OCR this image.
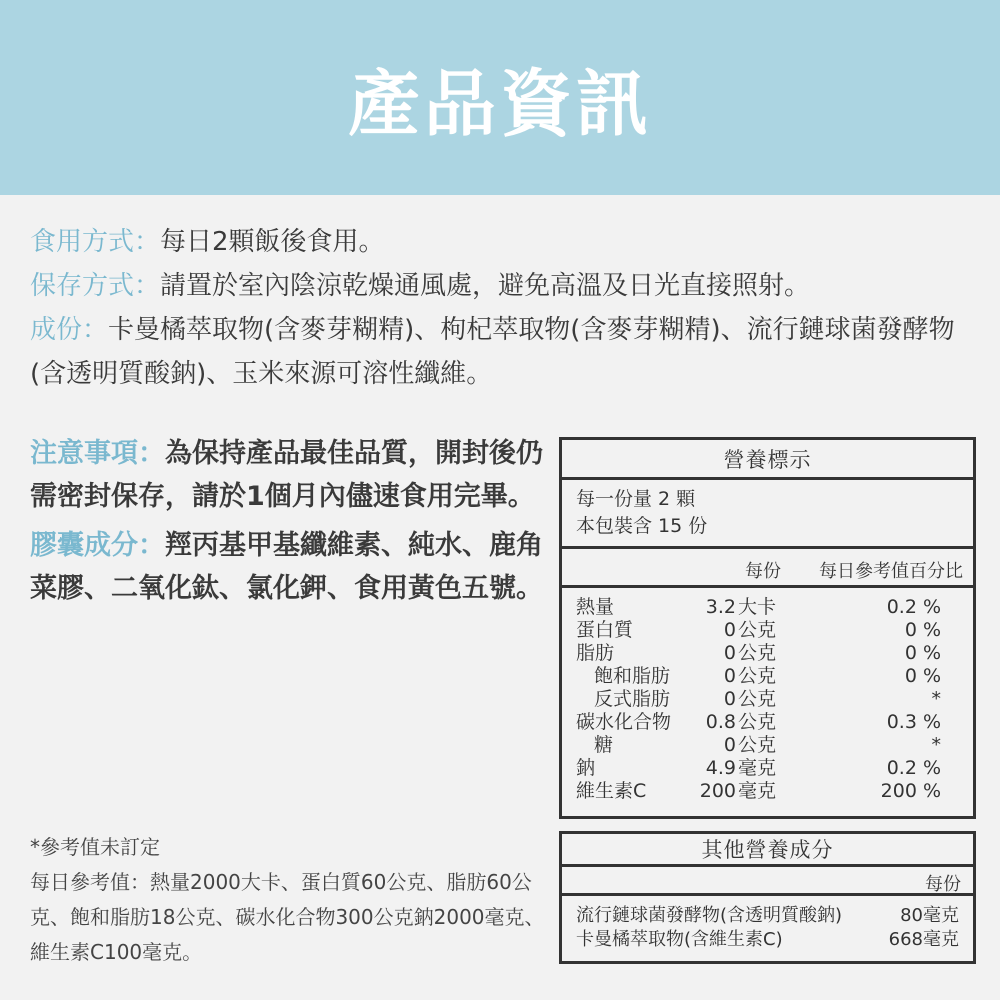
產品資訊
食用方式：每日2顆飯後食用。
保存方式：請置於室內陰涼乾燥通風處，避免高溫及日光直接照射。
成份：卡曼橘萃取物(含麥芽糊精)、枸杞萃取物(含麥芽糊精)、流行鏈球菌發酵物(含透明質酸鈉)、玉米來源可溶性纖維。
注意事項：為保持產品最佳品質，開封後仍需密封保存，請於1個月內儘速食用完畢。
膠囊成分：羥丙基甲基纖維素、純水、鹿角菜膠、二氧化鈦、氯化鉀、食用黃色五號。
*參考值未訂定
每日參考值：熱量2000大卡、蛋白質60公克、脂肪60公克、飽和脂肪18公克、碳水化合物300公克鈉2000毫克、維生素C100毫克。
營養標示
每一份量 2 顆
本包裝含 15 份
每份 每日參考值百分比
熱量	3.2 大卡	0.2 %
蛋白質	0 公克	0 %
脂肪	0 公克	0 %
飽和脂肪	0 公克	0 %
反式脂肪	0 公克	*
碳水化合物 0.8 公克	0.3 %
糖	0 公克	*
鈉	4.9 毫克	0.2 %
維生素C	200 毫克	200 %
其他營養成分
每份
流行鏈球菌發酵物(含透明質酸鈉)	80毫克
卡曼橘萃取物(含維生素C)	668毫克
